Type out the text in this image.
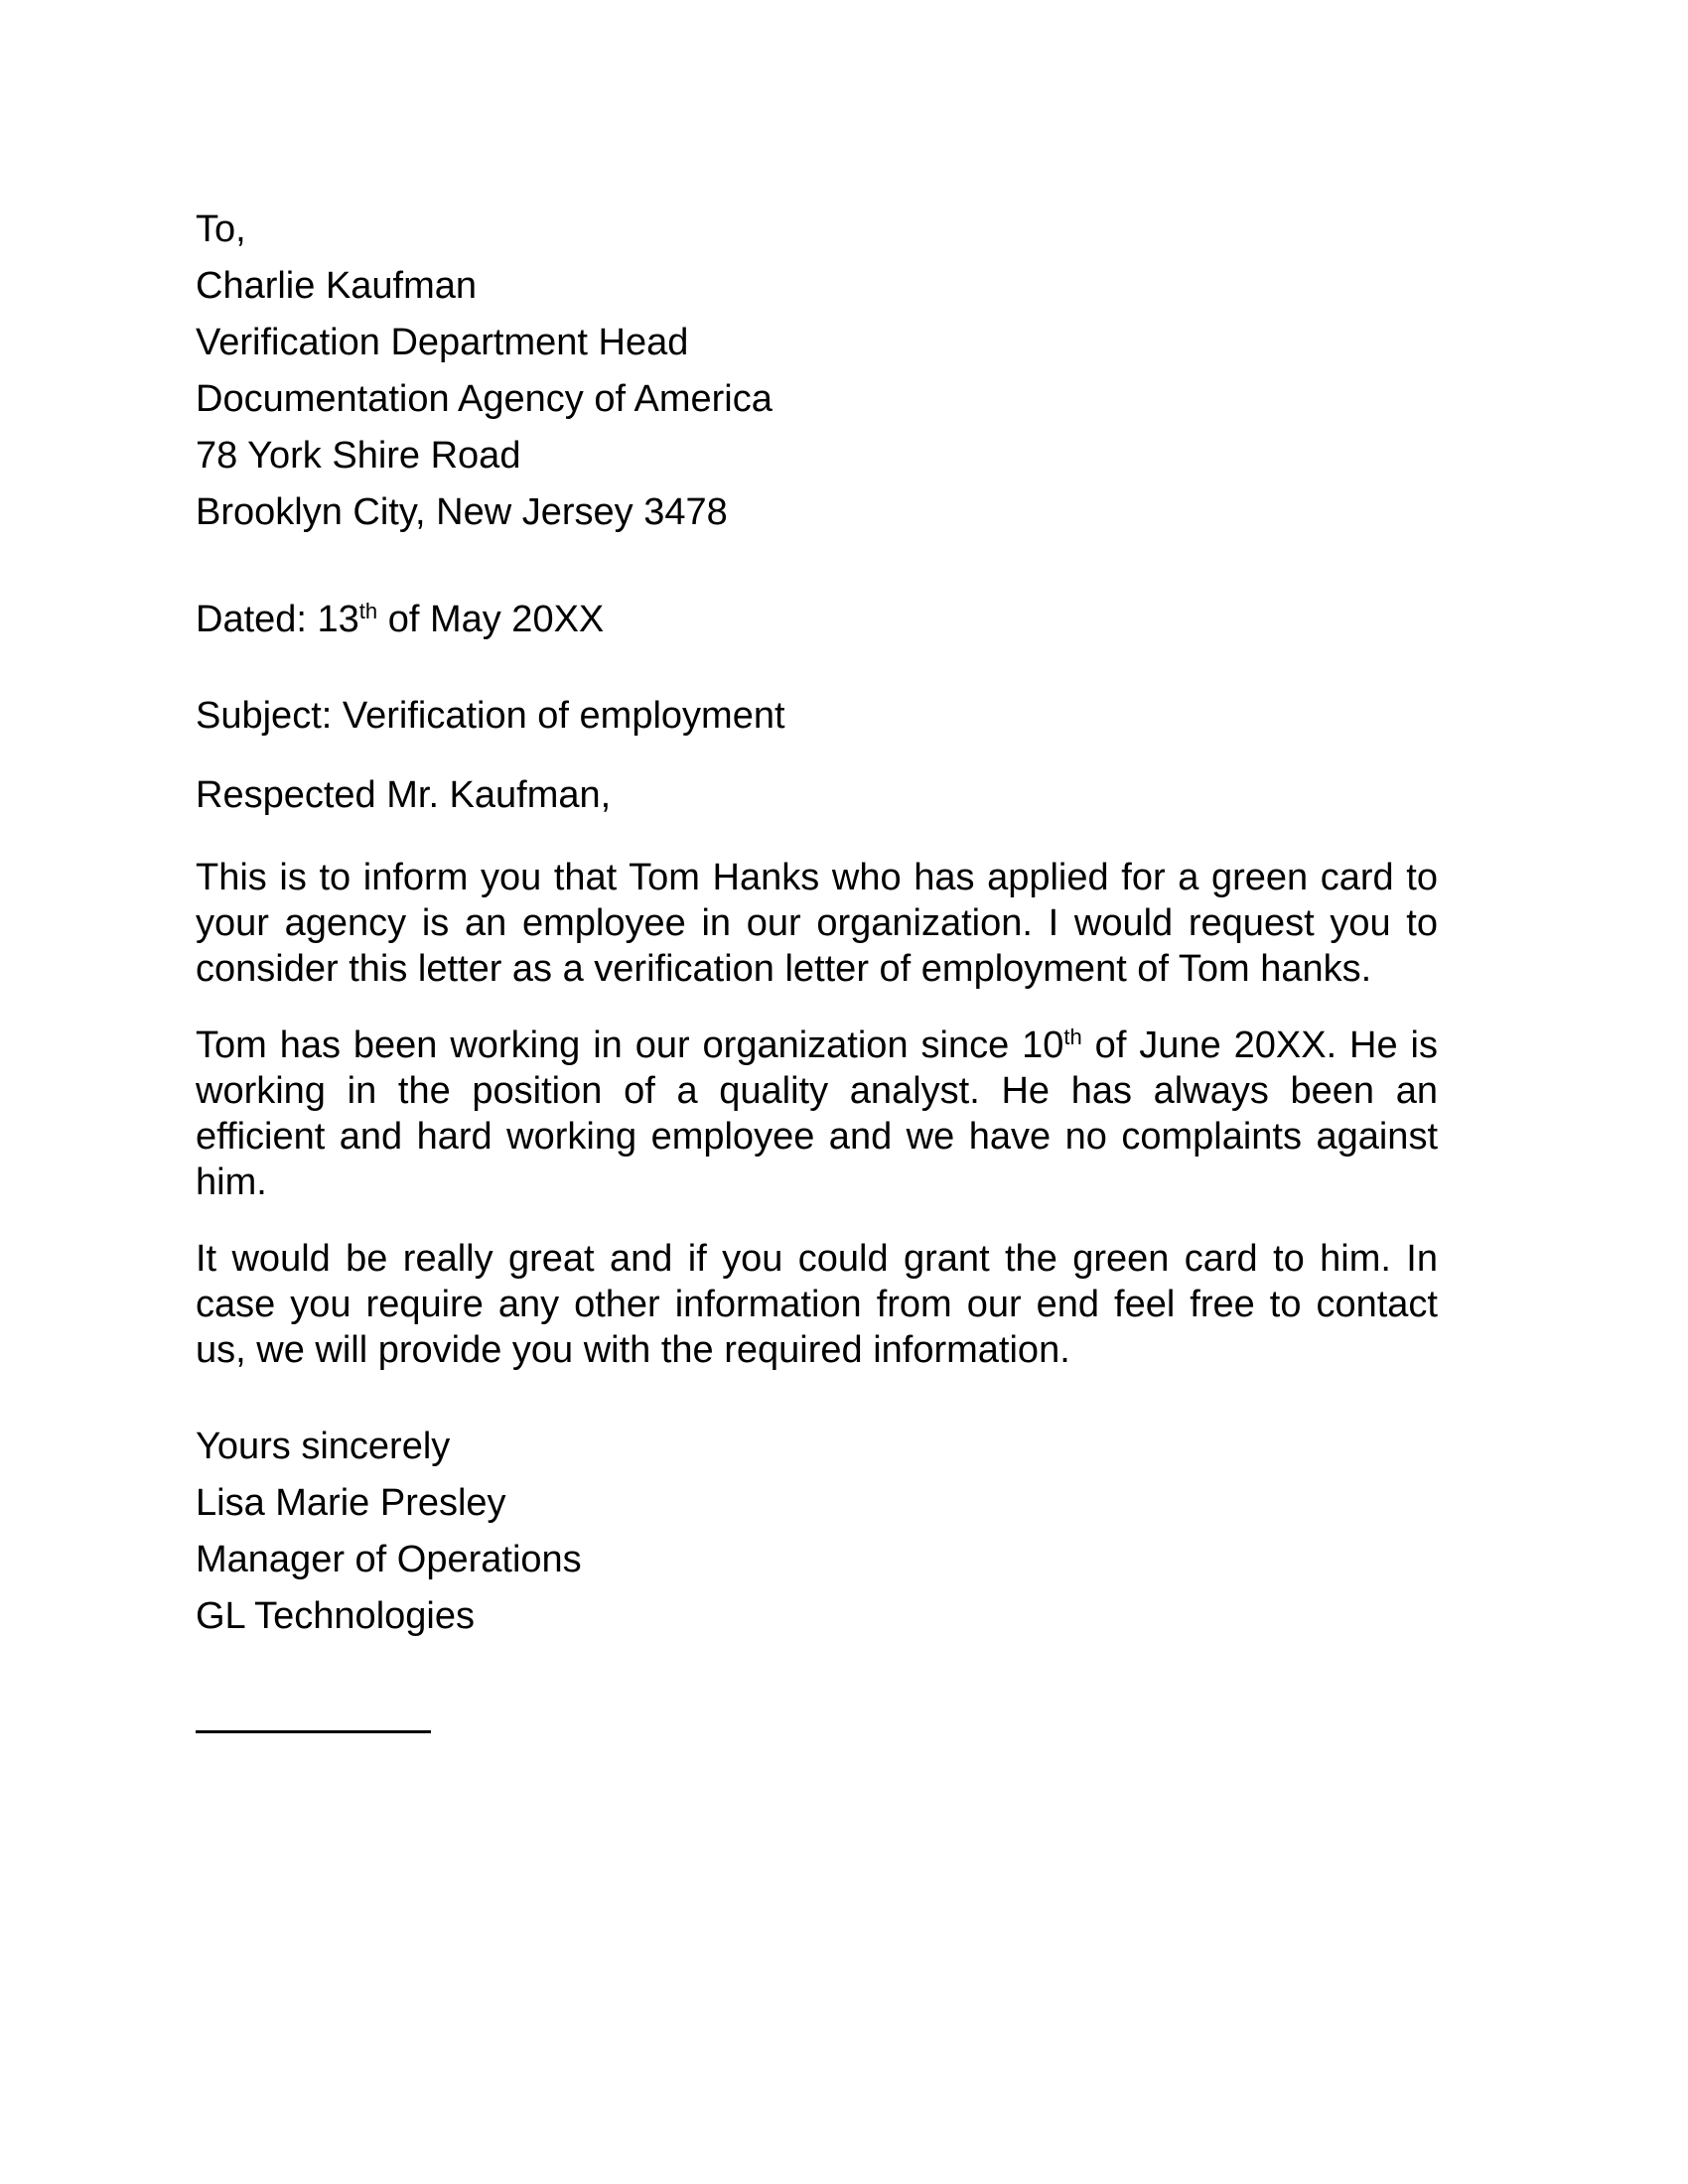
To,

Charlie Kaufman

Verification Department Head

Documentation Agency of America

78 York Shire Road

Brooklyn City, New Jersey 3478

Dated: 13th of May 20XX

Subject: Verification of employment

Respected Mr. Kaufman,

This is to inform you that Tom Hanks who has applied for a green card to your agency is an employee in our organization. I would request you to consider this letter as a verification letter of employment of Tom hanks.

Tom has been working in our organization since 10th of June 20XX. He is working in the position of a quality analyst. He has always been an efficient and hard working employee and we have no complaints against him.

It would be really great and if you could grant the green card to him. In case you require any other information from our end feel free to contact us, we will provide you with the required information.

Yours sincerely

Lisa Marie Presley

Manager of Operations

GL Technologies
